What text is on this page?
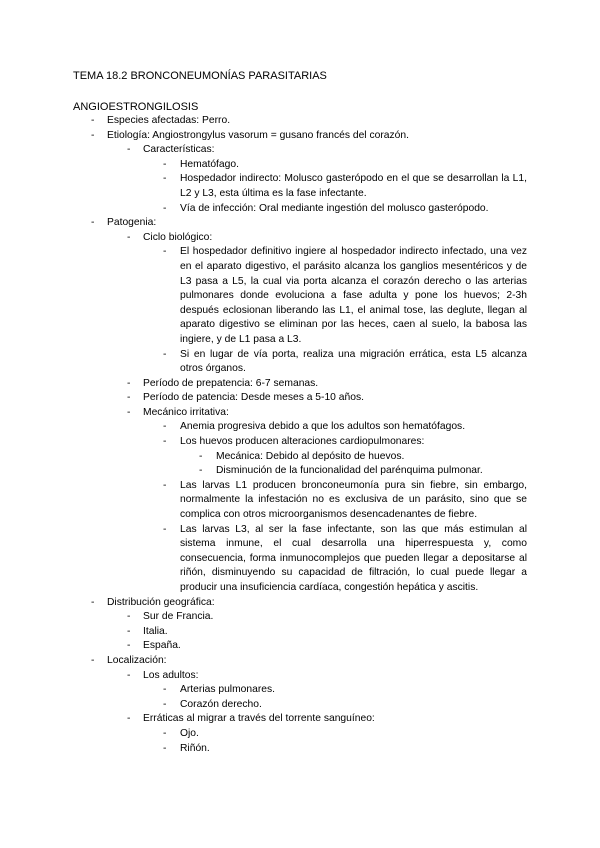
TEMA 18.2 BRONCONEUMONÍAS PARASITARIAS
ANGIOESTRONGILOSIS
- Especies afectadas: Perro.
- Etiología: Angiostrongylus vasorum = gusano francés del corazón.
- Características:
- Hematófago.
- Hospedador indirecto: Molusco gasterópodo en el que se desarrollan la L1, L2 y L3, esta última es la fase infectante.
- Vía de infección: Oral mediante ingestión del molusco gasterópodo.
- Patogenia:
- Ciclo biológico:
- El hospedador definitivo ingiere al hospedador indirecto infectado, una vez en el aparato digestivo, el parásito alcanza los ganglios mesentéricos y de L3 pasa a L5, la cual via porta alcanza el corazón derecho o las arterias pulmonares donde evoluciona a fase adulta y pone los huevos; 2-3h después eclosionan liberando las L1, el animal tose, las deglute, llegan al aparato digestivo se eliminan por las heces, caen al suelo, la babosa las ingiere, y de L1 pasa a L3.
- Si en lugar de vía porta, realiza una migración errática, esta L5 alcanza otros órganos.
- Período de prepatencia: 6-7 semanas.
- Período de patencia: Desde meses a 5-10 años.
- Mecánico irritativa:
- Anemia progresiva debido a que los adultos son hematófagos.
- Los huevos producen alteraciones cardiopulmonares:
- Mecánica: Debido al depósito de huevos.
- Disminución de la funcionalidad del parénquima pulmonar.
- Las larvas L1 producen bronconeumonía pura sin fiebre, sin embargo, normalmente la infestación no es exclusiva de un parásito, sino que se complica con otros microorganismos desencadenantes de fiebre.
- Las larvas L3, al ser la fase infectante, son las que más estimulan al sistema inmune, el cual desarrolla una hiperrespuesta y, como consecuencia, forma inmunocomplejos que pueden llegar a depositarse al riñón, disminuyendo su capacidad de filtración, lo cual puede llegar a producir una insuficiencia cardíaca, congestión hepática y ascitis.
- Distribución geográfica:
- Sur de Francia.
- Italia.
- España.
- Localización:
- Los adultos:
- Arterias pulmonares.
- Corazón derecho.
- Erráticas al migrar a través del torrente sanguíneo:
- Ojo.
- Riñón.
